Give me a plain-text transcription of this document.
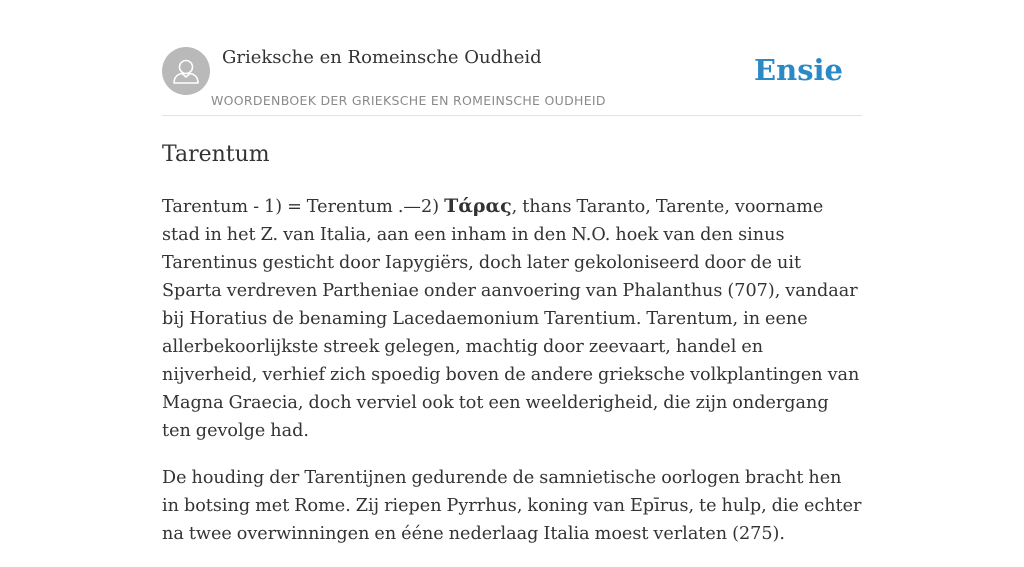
Grieksche en Romeinsche Oudheid
WOORDENBOEK DER GRIEKSCHE EN ROMEINSCHE OUDHEID
Ensie
Tarentum

Tarentum - 1) = Terentum .—2) Τάρας, thans Taranto, Tarente, voorname stad in het Z. van Italia, aan een inham in den N.O. hoek van den sinus Tarentinus gesticht door Iapygiërs, doch later gekoloniseerd door de uit Sparta verdreven Partheniae onder aanvoering van Phalanthus (707), vandaar bij Horatius de benaming Lacedaemonium Tarentium. Tarentum, in eene allerbekoorlijkste streek gelegen, machtig door zeevaart, handel en nijverheid, verhief zich spoedig boven de andere grieksche volkplantingen van Magna Graecia, doch verviel ook tot een weelderigheid, die zijn ondergang ten gevolge had.

De houding der Tarentijnen gedurende de samnietische oorlogen bracht hen in botsing met Rome. Zij riepen Pyrrhus, koning van Epīrus, te hulp, die echter na twee overwinningen en ééne nederlaag Italia moest verlaten (275).
